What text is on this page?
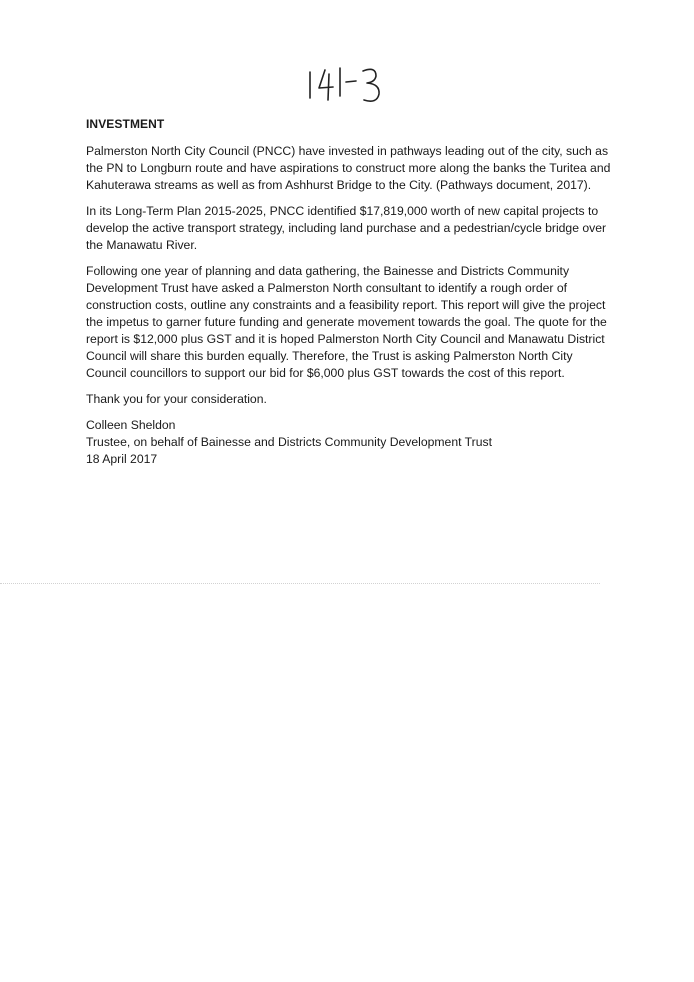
INVESTMENT

Palmerston North City Council (PNCC) have invested in pathways leading out of the city, such as the PN to Longburn route and have aspirations to construct more along the banks the Turitea and Kahuterawa streams as well as from Ashhurst Bridge to the City. (Pathways document, 2017).

In its Long-Term Plan 2015-2025, PNCC identified $17,819,000 worth of new capital projects to develop the active transport strategy, including land purchase and a pedestrian/cycle bridge over the Manawatu River.

Following one year of planning and data gathering, the Bainesse and Districts Community Development Trust have asked a Palmerston North consultant to identify a rough order of construction costs, outline any constraints and a feasibility report. This report will give the project the impetus to garner future funding and generate movement towards the goal. The quote for the report is $12,000 plus GST and it is hoped Palmerston North City Council and Manawatu District Council will share this burden equally. Therefore, the Trust is asking Palmerston North City Council councillors to support our bid for $6,000 plus GST towards the cost of this report.

Thank you for your consideration.

Colleen Sheldon
Trustee, on behalf of Bainesse and Districts Community Development Trust
18 April 2017
